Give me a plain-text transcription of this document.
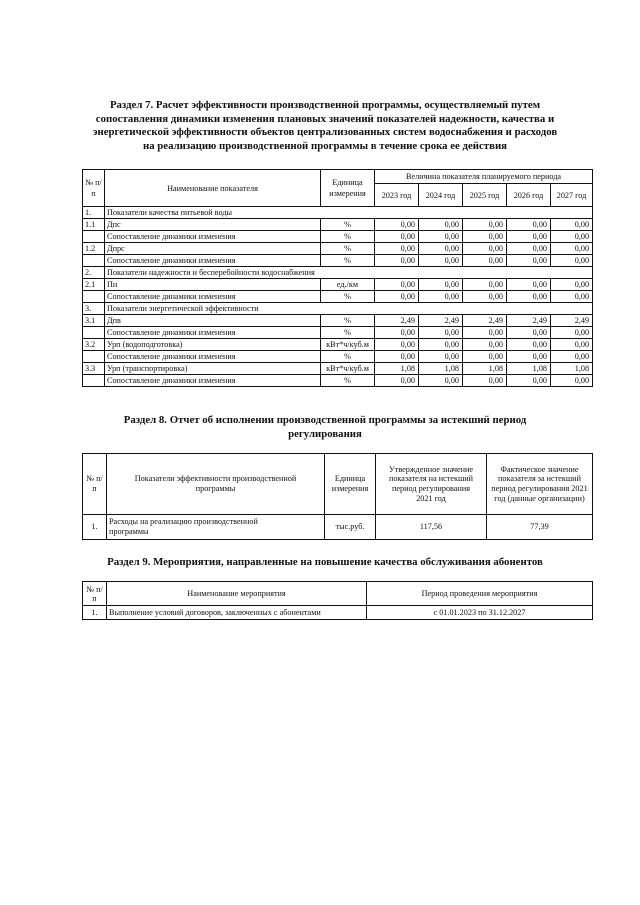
Раздел 7. Расчет эффективности производственной программы, осуществляемый путем
сопоставления динамики изменения плановых значений показателей надежности, качества и
энергетической эффективности объектов централизованных систем водоснабжения и расходов
на реализацию производственной программы в течение срока ее действия
№ п/ п	Наименование показателя	Единица измерения	Величина показателя планируемого периода				
			2023 год	2024 год	2025 год	2026 год	2027 год
1.	Показатели качества питьевой воды						
1.1	Дпс	%	0,00	0,00	0,00	0,00	0,00
	Сопоставление динамики изменения	%	0,00	0,00	0,00	0,00	0,00
1.2	Дпрс	%	0,00	0,00	0,00	0,00	0,00
	Сопоставление динамики изменения	%	0,00	0,00	0,00	0,00	0,00
2.	Показатели надежности и бесперебойности водоснабжения						
2.1	Пн	ед./км	0,00	0,00	0,00	0,00	0,00
	Сопоставление динамики изменения	%	0,00	0,00	0,00	0,00	0,00
3.	Показатели энергетической эффективности						
3.1	Дпв	%	2,49	2,49	2,49	2,49	2,49
	Сопоставление динамики изменения	%	0,00	0,00	0,00	0,00	0,00
3.2	Урп (водоподготовка)	кВт*ч/куб.м	0,00	0,00	0,00	0,00	0,00
	Сопоставление динамики изменения	%	0,00	0,00	0,00	0,00	0,00
3.3	Урп (транспортировка)	кВт*ч/куб.м	1,08	1,08	1,08	1,08	1,08
	Сопоставление динамики изменения	%	0,00	0,00	0,00	0,00	0,00
Раздел 8. Отчет об исполнении производственной программы за истекший период
регулирования
№ п/п	Показатели эффективности производственной программы	Единица измерения	Утвержденное значение показателя на истекший период регулирования 2021 год	Фактическое значение показателя за истекший период регулирования 2021 год (данные организации)
1.	Расходы на реализацию производственной программы	тыс.руб.	117,56	77,39
Раздел 9. Мероприятия, направленные на повышение качества обслуживания абонентов
№ п/п	Наименование мероприятия	Период проведения мероприятия
1.	Выполнение условий договоров, заключенных с абонентами	с 01.01.2023 по 31.12.2027
